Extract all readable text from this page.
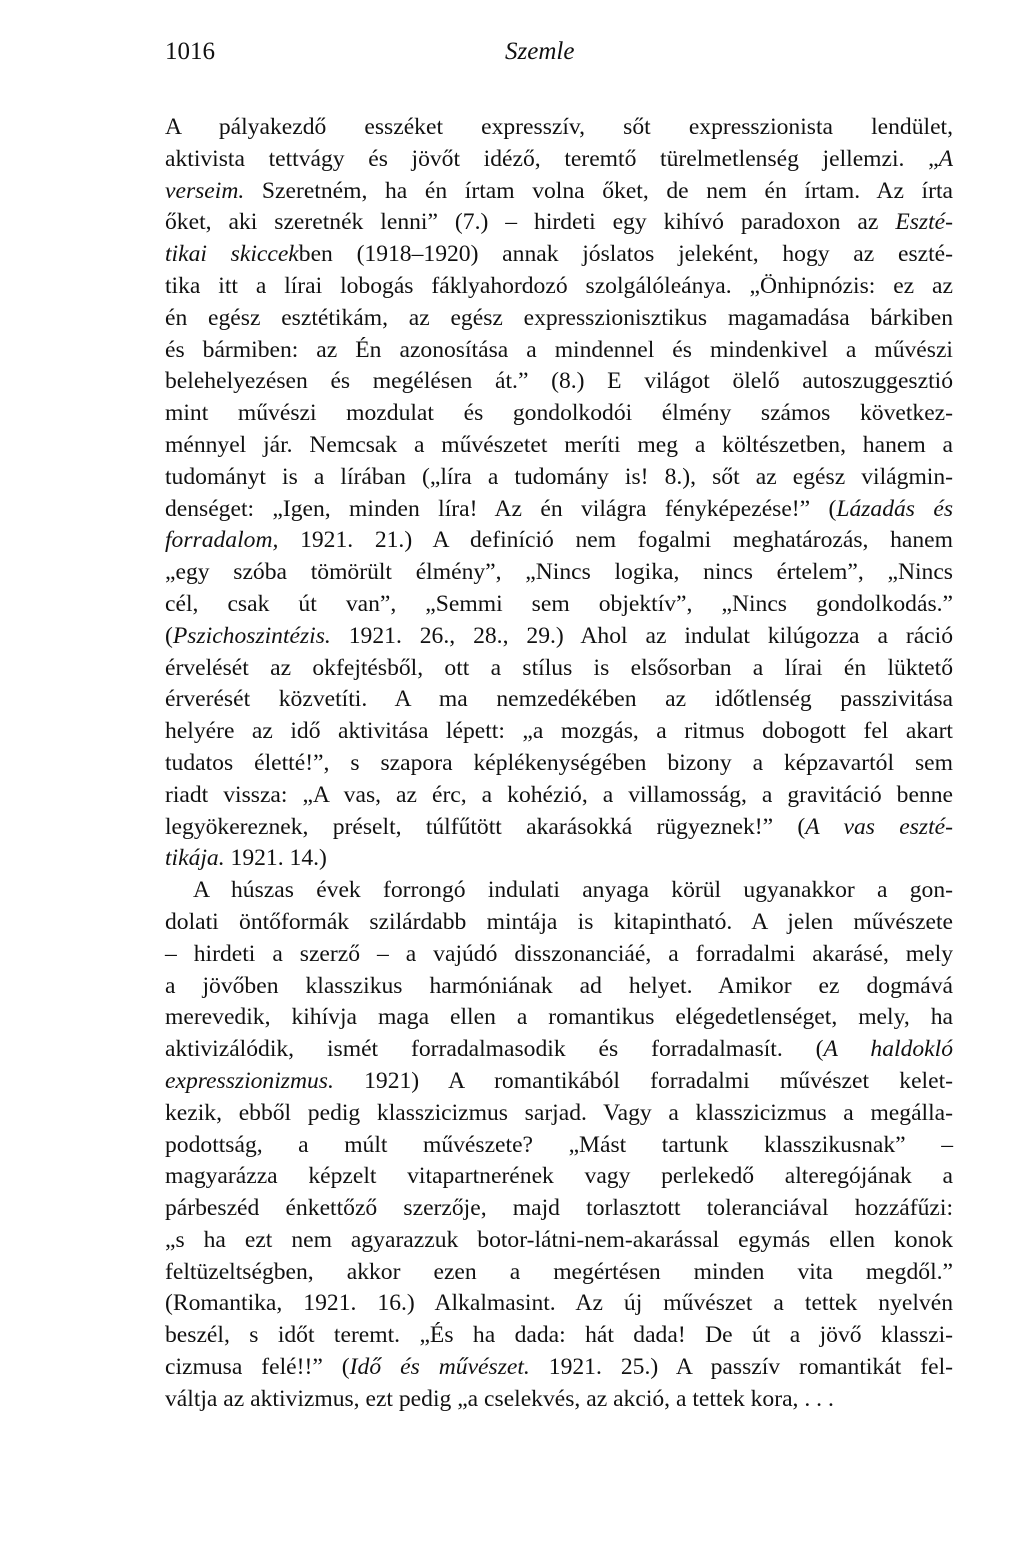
1016	Szemle

A pályakezdő esszéket expresszív, sőt expresszionista lendület,
aktivista tettvágy és jövőt idéző, teremtő türelmetlenség jellemzi. „A
verseim. Szeretném, ha én írtam volna őket, de nem én írtam. Az írta
őket, aki szeretnék lenni” (7.) – hirdeti egy kihívó paradoxon az Eszté-
tikai skiccekben (1918–1920) annak jóslatos jeleként, hogy az eszté-
tika itt a lírai lobogás fáklyahordozó szolgálóleánya. „Önhipnózis: ez az
én egész esztétikám, az egész expresszionisztikus magamadása bárkiben
és bármiben: az Én azonosítása a mindennel és mindenkivel a művészi
belehelyezésen és megélésen át.” (8.) E világot ölelő autoszuggesztió
mint művészi mozdulat és gondolkodói élmény számos következ-
ménnyel jár. Nemcsak a művészetet meríti meg a költészetben, hanem a
tudományt is a lírában („líra a tudomány is! 8.), sőt az egész világmin-
denséget: „Igen, minden líra! Az én világra fényképezése!” (Lázadás és
forradalom, 1921. 21.) A definíció nem fogalmi meghatározás, hanem
„egy szóba tömörült élmény”, „Nincs logika, nincs értelem”, „Nincs
cél, csak út van”, „Semmi sem objektív”, „Nincs gondolkodás.”
(Pszichoszintézis. 1921. 26., 28., 29.) Ahol az indulat kilúgozza a ráció
érvelését az okfejtésből, ott a stílus is elsősorban a lírai én lüktető
érverését közvetíti. A ma nemzedékében az időtlenség passzivitása
helyére az idő aktivitása lépett: „a mozgás, a ritmus dobogott fel akart
tudatos életté!”, s szapora képlékenységében bizony a képzavartól sem
riadt vissza: „A vas, az érc, a kohézió, a villamosság, a gravitáció benne
legyökereznek, préselt, túlfűtött akarásokká rügyeznek!” (A vas eszté-
tikája. 1921. 14.)

A húszas évek forrongó indulati anyaga körül ugyanakkor a gon-
dolati öntőformák szilárdabb mintája is kitapintható. A jelen művészete
– hirdeti a szerző – a vajúdó disszonanciáé, a forradalmi akarásé, mely
a jövőben klasszikus harmóniának ad helyet. Amikor ez dogmává
merevedik, kihívja maga ellen a romantikus elégedetlenséget, mely, ha
aktivizálódik, ismét forradalmasodik és forradalmasít. (A haldokló
expresszionizmus. 1921) A romantikából forradalmi művészet kelet-
kezik, ebből pedig klasszicizmus sarjad. Vagy a klasszicizmus a megálla-
podottság, a múlt művészete? „Mást tartunk klasszikusnak” –
magyarázza képzelt vitapartnerének vagy perlekedő alteregójának a
párbeszéd énkettőző szerzője, majd torlasztott toleranciával hozzáfűzi:
„s ha ezt nem agyarazzuk botor-látni-nem-akarással egymás ellen konok
feltüzeltségben, akkor ezen a megértésen minden vita megdől.”
(Romantika, 1921. 16.) Alkalmasint. Az új művészet a tettek nyelvén
beszél, s időt teremt. „És ha dada: hát dada! De út a jövő klasszi-
cizmusa felé!!” (Idő és művészet. 1921. 25.) A passzív romantikát fel-
váltja az aktivizmus, ezt pedig „a cselekvés, az akció, a tettek kora, . . .
